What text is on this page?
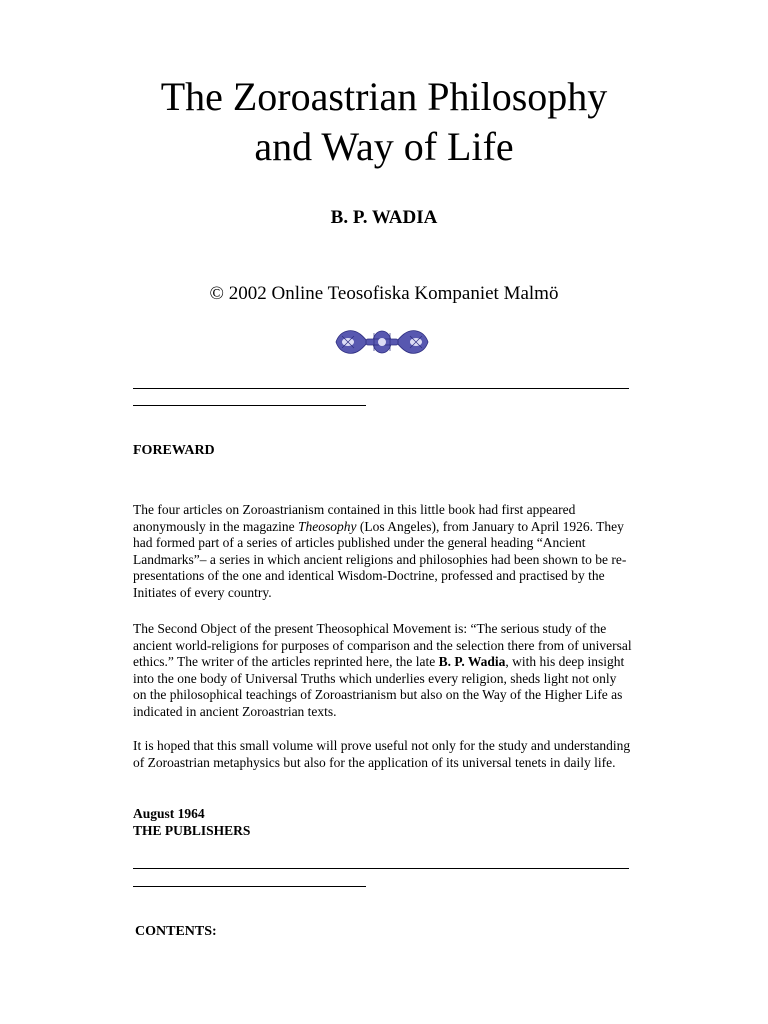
The Zoroastrian Philosophy
and Way of Life
B. P. WADIA
© 2002 Online Teosofiska Kompaniet Malmö
FOREWARD

The four articles on Zoroastrianism contained in this little book had first appeared anonymously in the magazine Theosophy (Los Angeles), from January to April 1926. They had formed part of a series of articles published under the general heading “Ancient Landmarks”– a series in which ancient religions and philosophies had been shown to be re-presentations of the one and identical Wisdom-Doctrine, professed and practised by the Initiates of every country.

The Second Object of the present Theosophical Movement is: “The serious study of the ancient world-religions for purposes of comparison and the selection there from of universal ethics.” The writer of the articles reprinted here, the late B. P. Wadia, with his deep insight into the one body of Universal Truths which underlies every religion, sheds light not only on the philosophical teachings of Zoroastrianism but also on the Way of the Higher Life as indicated in ancient Zoroastrian texts.

It is hoped that this small volume will prove useful not only for the study and understanding of Zoroastrian metaphysics but also for the application of its universal tenets in daily life.

August 1964
THE PUBLISHERS
CONTENTS:
